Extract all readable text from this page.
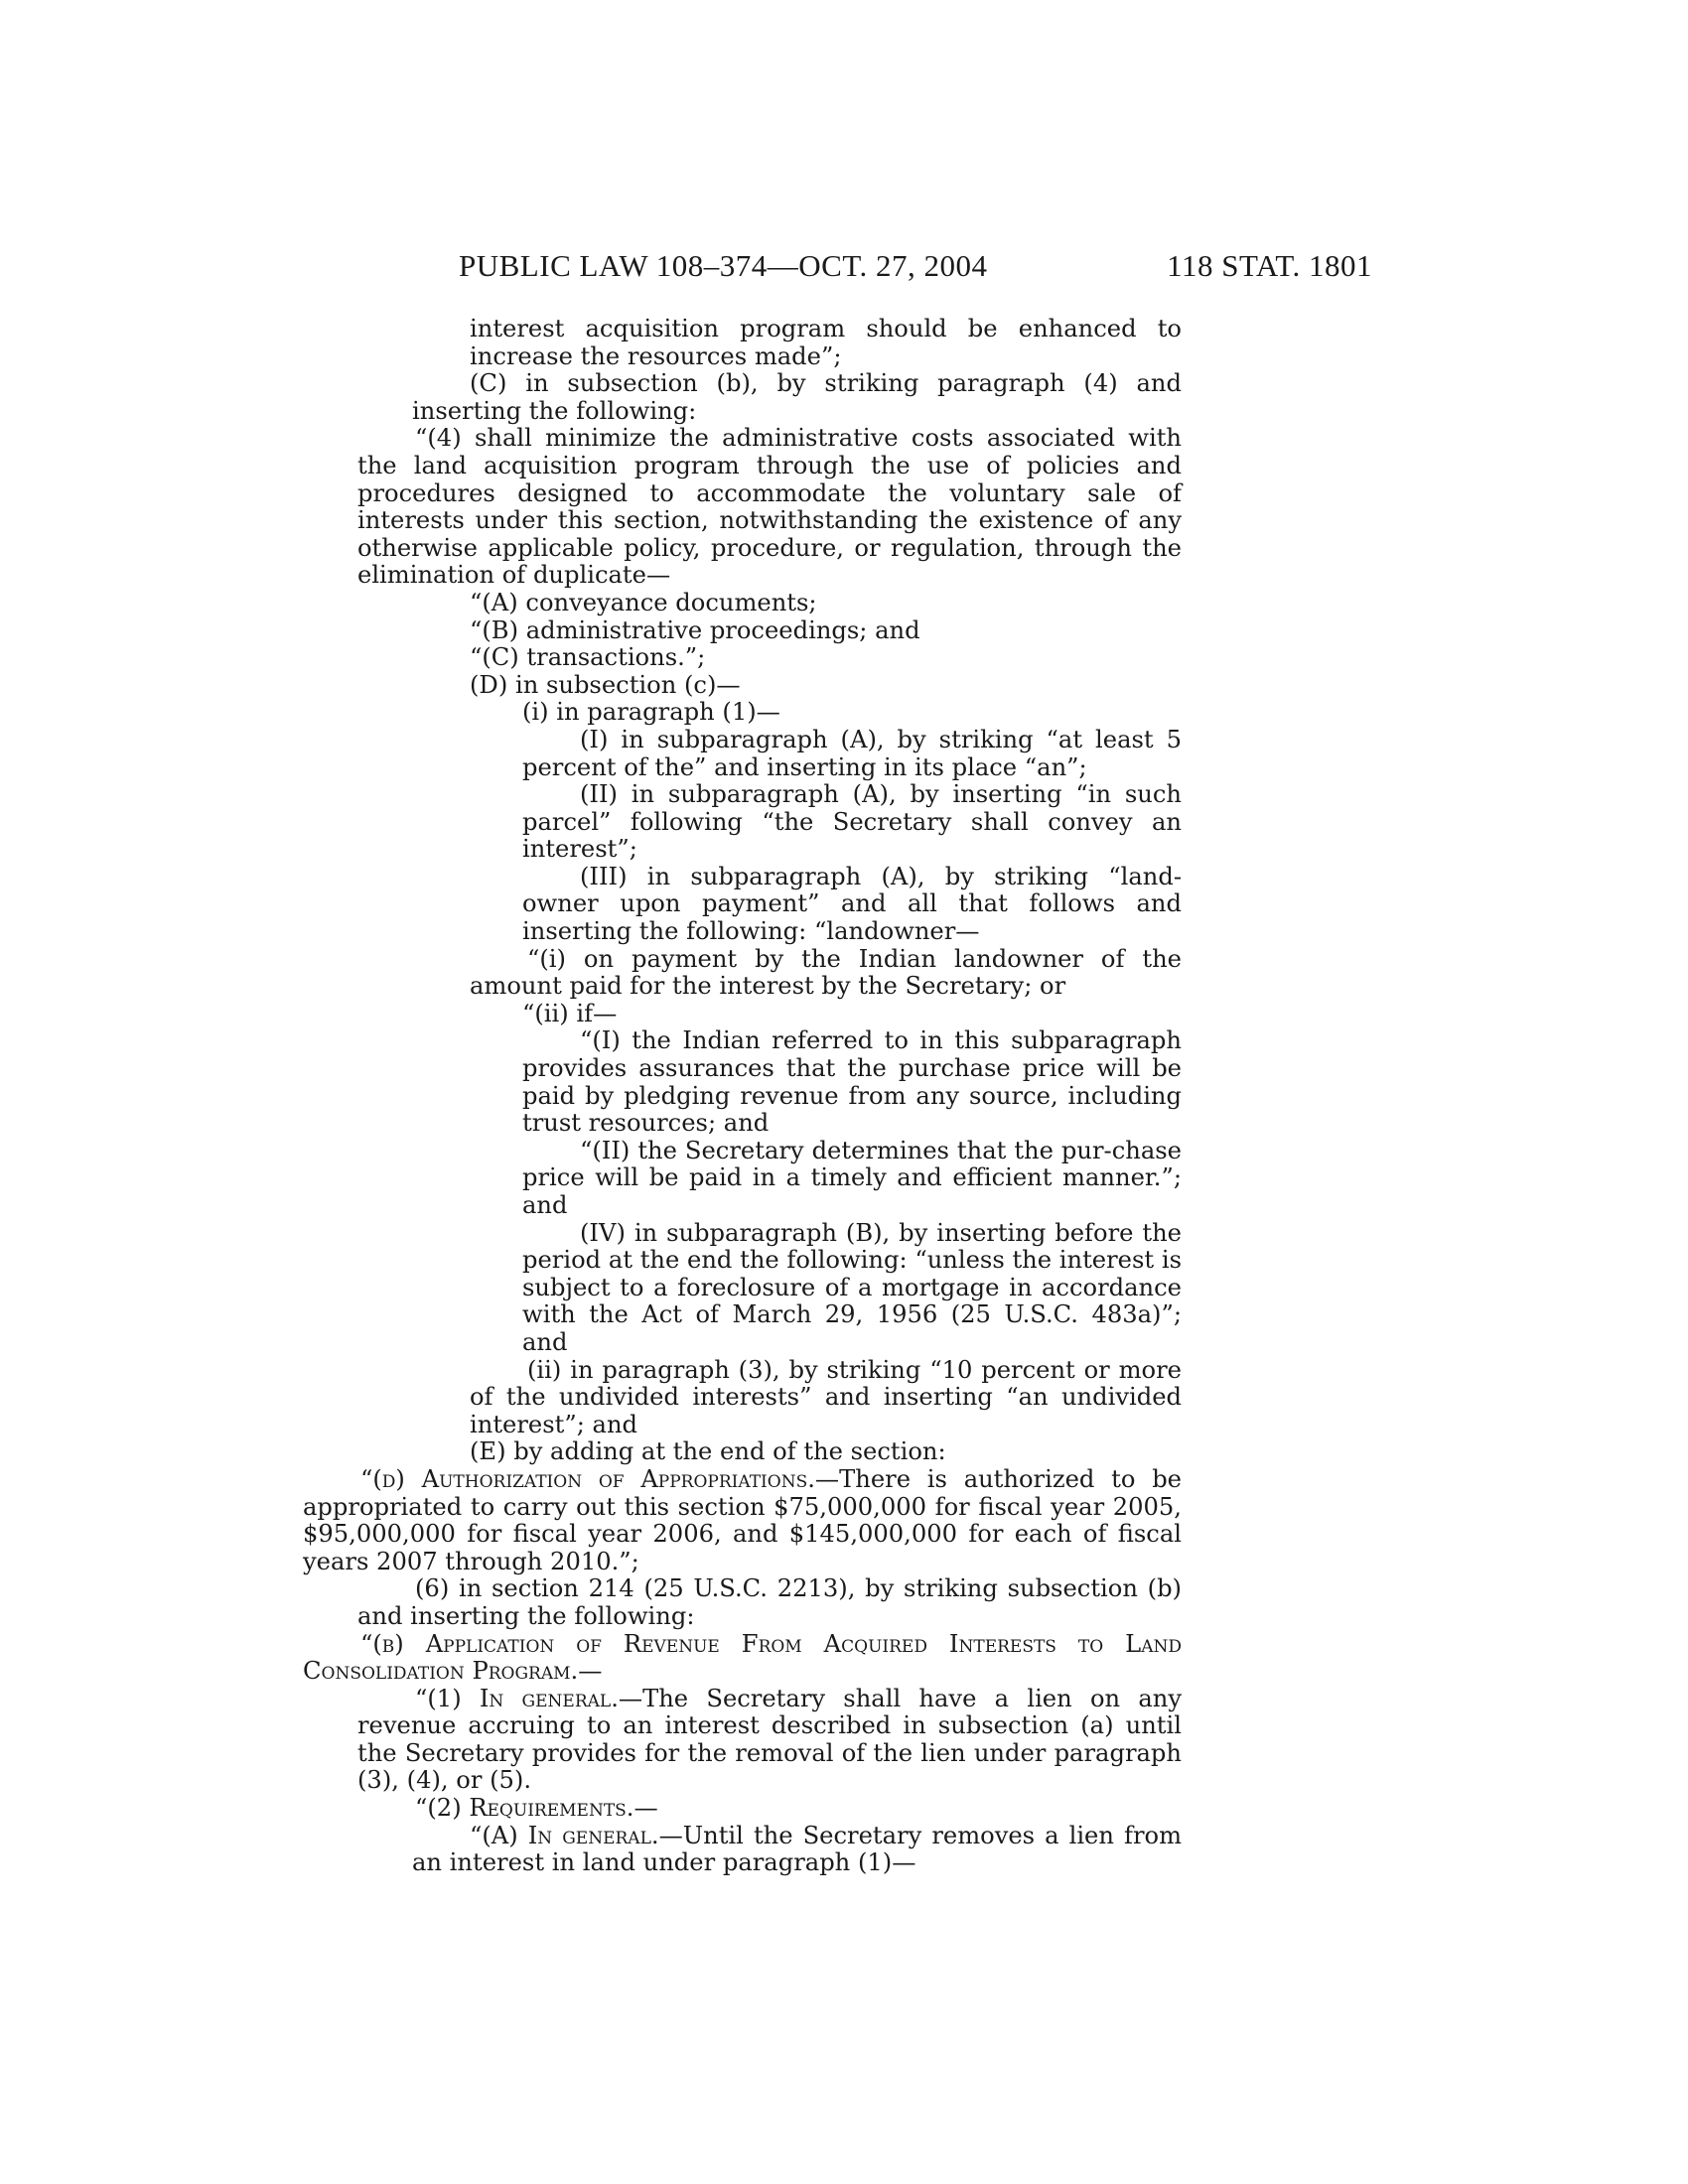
PUBLIC LAW 108–374—OCT. 27, 2004	118 STAT. 1801

interest acquisition program should be enhanced to increase the resources made”;

(C) in subsection (b), by striking paragraph (4) and inserting the following:

“(4) shall minimize the administrative costs associated with the land acquisition program through the use of policies and procedures designed to accommodate the voluntary sale of interests under this section, notwithstanding the existence of any otherwise applicable policy, procedure, or regulation, through the elimination of duplicate—

“(A) conveyance documents;

“(B) administrative proceedings; and

“(C) transactions.”;

(D) in subsection (c)—

(i) in paragraph (1)—

(I) in subparagraph (A), by striking “at least 5 percent of the” and inserting in its place “an”;

(II) in subparagraph (A), by inserting “in such parcel” following “the Secretary shall convey an interest”;

(III) in subparagraph (A), by striking “land-owner upon payment” and all that follows and inserting the following: “landowner—

“(i) on payment by the Indian landowner of the amount paid for the interest by the Secretary; or

“(ii) if—

“(I) the Indian referred to in this subparagraph provides assurances that the purchase price will be paid by pledging revenue from any source, including trust resources; and

“(II) the Secretary determines that the pur-chase price will be paid in a timely and efficient manner.”; and

(IV) in subparagraph (B), by inserting before the period at the end the following: “unless the interest is subject to a foreclosure of a mortgage in accordance with the Act of March 29, 1956 (25 U.S.C. 483a)”; and

(ii) in paragraph (3), by striking “10 percent or more of the undivided interests” and inserting “an undivided interest”; and

(E) by adding at the end of the section:

“(d) Authorization of Appropriations.—There is authorized to be appropriated to carry out this section $75,000,000 for fiscal year 2005, $95,000,000 for fiscal year 2006, and $145,000,000 for each of fiscal years 2007 through 2010.”;

(6) in section 214 (25 U.S.C. 2213), by striking subsection (b) and inserting the following:

“(b) Application of Revenue From Acquired Interests to Land Consolidation Program.—

“(1) In general.—The Secretary shall have a lien on any revenue accruing to an interest described in subsection (a) until the Secretary provides for the removal of the lien under paragraph (3), (4), or (5).

“(2) Requirements.—

“(A) In general.—Until the Secretary removes a lien from an interest in land under paragraph (1)—
